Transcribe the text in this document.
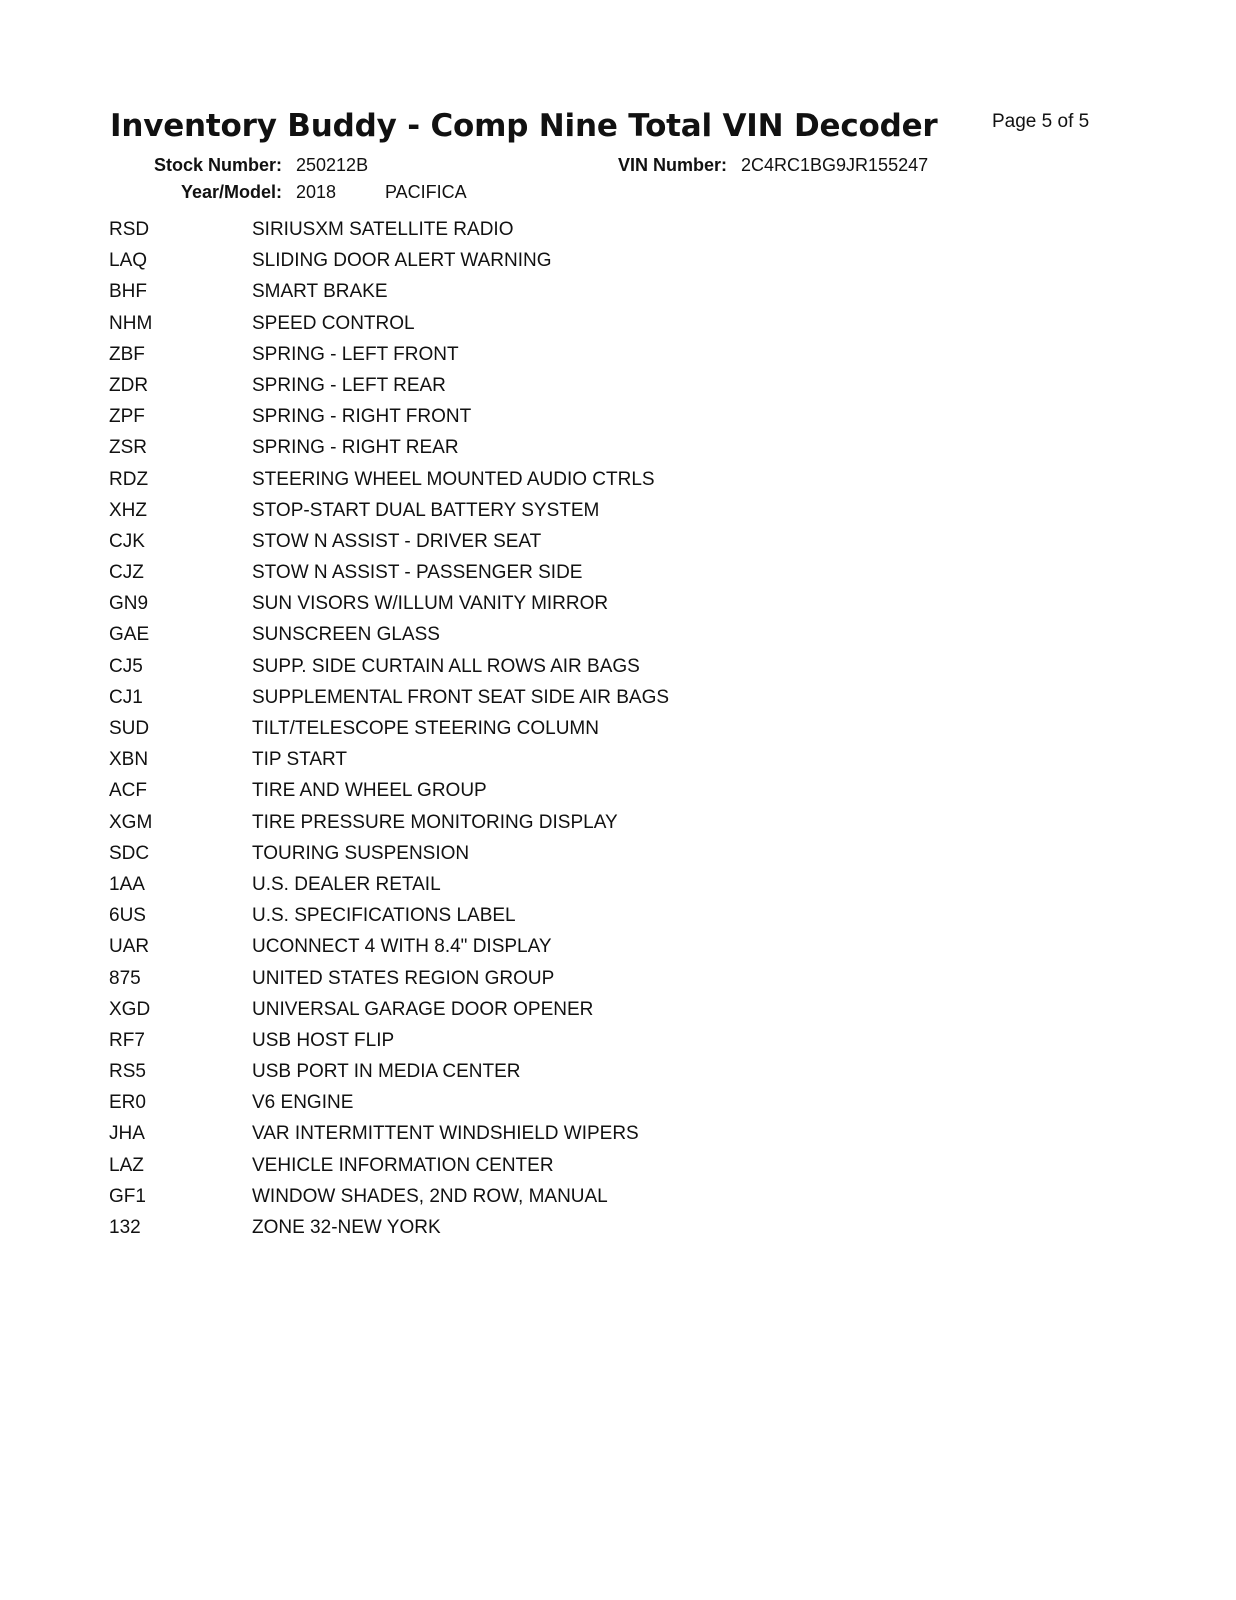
Inventory Buddy - Comp Nine Total VIN Decoder	Page 5 of 5
Stock Number: 250212B	VIN Number: 2C4RC1BG9JR155247
Year/Model: 2018	PACIFICA
RSD	SIRIUSXM SATELLITE RADIO
LAQ	SLIDING DOOR ALERT WARNING
BHF	SMART BRAKE
NHM	SPEED CONTROL
ZBF	SPRING - LEFT FRONT
ZDR	SPRING - LEFT REAR
ZPF	SPRING - RIGHT FRONT
ZSR	SPRING - RIGHT REAR
RDZ	STEERING WHEEL MOUNTED AUDIO CTRLS
XHZ	STOP-START DUAL BATTERY SYSTEM
CJK	STOW N ASSIST - DRIVER SEAT
CJZ	STOW N ASSIST - PASSENGER SIDE
GN9	SUN VISORS W/ILLUM VANITY MIRROR
GAE	SUNSCREEN GLASS
CJ5	SUPP. SIDE CURTAIN ALL ROWS AIR BAGS
CJ1	SUPPLEMENTAL FRONT SEAT SIDE AIR BAGS
SUD	TILT/TELESCOPE STEERING COLUMN
XBN	TIP START
ACF	TIRE AND WHEEL GROUP
XGM	TIRE PRESSURE MONITORING DISPLAY
SDC	TOURING SUSPENSION
1AA	U.S. DEALER RETAIL
6US	U.S. SPECIFICATIONS LABEL
UAR	UCONNECT 4 WITH 8.4" DISPLAY
875	UNITED STATES REGION GROUP
XGD	UNIVERSAL GARAGE DOOR OPENER
RF7	USB HOST FLIP
RS5	USB PORT IN MEDIA CENTER
ER0	V6 ENGINE
JHA	VAR INTERMITTENT WINDSHIELD WIPERS
LAZ	VEHICLE INFORMATION CENTER
GF1	WINDOW SHADES, 2ND ROW, MANUAL
132	ZONE 32-NEW YORK
